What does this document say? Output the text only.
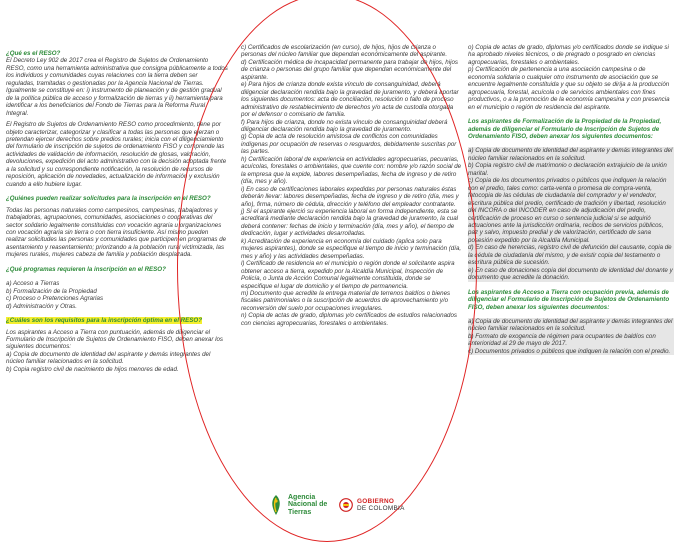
¿Qué es el RESO?

El Decreto Ley 902 de 2017 crea el Registro de Sujetos de Ordenamiento RESO, como una herramienta administrativa que consigna públicamente a todos los individuos y comunidades cuyas relaciones con la tierra deben ser reguladas, tramitadas o gestionadas por la Agencia Nacional de Tierras. Igualmente se constituye en: i) instrumento de planeación y de gestión gradual de la política pública de acceso y formalización de tierras y ii) herramienta para identificar a los beneficiarios del Fondo de Tierras para la Reforma Rural Integral.

El Registro de Sujetos de Ordenamiento RESO como procedimiento, tiene por objeto caracterizar, categorizar y clasificar a todas las personas que ejerzan o pretendan ejercer derechos sobre predios rurales; inicia con el diligenciamiento del formulario de inscripción de sujetos de ordenamiento FISO y comprende las actividades de validación de información, resolución de glosas, valoración, devoluciones, expedición del acto administrativo con la decisión adoptada frente a la solicitud y su correspondiente notificación, la resolución de recursos de reposición, aplicación de novedades, actualización de información y exclusión cuando a ello hubiere lugar.

¿Quiénes pueden realizar solicitudes para la inscripción en el RESO?

Todas las personas naturales como campesinos, campesinas, trabajadores y trabajadoras, agrupaciones, comunidades, asociaciones o cooperativas del sector solidario legalmente constituidas con vocación agraria u organizaciones con vocación agraria sin tierra o con tierra insuficiente. Así mismo pueden realizar solicitudes las personas y comunidades que participen en programas de asentamiento y reasentamiento; priorizando a la población rural victimizada, las mujeres rurales, mujeres cabeza de familia y población desplazada.

¿Qué programas requieren la inscripción en el RESO?

a) Acceso a Tierras

b) Formalización de la Propiedad

c) Proceso o Pretenciones Agrarias

d) Administración y Otras.

¿Cuáles son los requisitos para la inscripción óptima en el RESO?

Los aspirantes a Acceso a Tierra con puntuación, además de diligenciar el Formulario de Inscripción de Sujetos de Ordenamiento FISO, deben anexar los siguientes documentos:

a) Copia de documento de identidad del aspirante y demás integrantes del núcleo familiar relacionados en la solicitud.

b) Copia registro civil de nacimiento de hijos menores de edad.

c) Certificados de escolarización (en curso), de hijos, hijos de crianza o personas del núcleo familiar que dependan económicamente del aspirante.

d) Certificación médica de incapacidad permanente para trabajar de hijos, hijos de crianza o personas del grupo familiar que dependan económicamente del aspirante.

e) Para hijos de crianza donde exista vínculo de consanguinidad, deberá diligenciar declaración rendida bajo la gravedad de juramento, y deberá aportar los siguientes documentos: acta de conciliación, resolución o fallo de proceso administrativo de restablecimiento de derechos y/o acta de custodia otorgada por el defensor o comisario de familia.

f) Para hijos de crianza, donde no exista vínculo de consanguinidad deberá diligenciar declaración rendida bajo la gravedad de juramento.

g) Copia de acta de resolución amistosa de conflictos con comunidades indígenas por ocupación de reservas o resguardos, debidamente suscritas por las partes.

h) Certificación laboral de experiencia en actividades agropecuarias, pecuarias, acuícolas, forestales o ambientales, que cuente con: nombre y/o razón social de la empresa que la expide, labores desempeñadas, fecha de ingreso y de retiro (día, mes y año).

i) En caso de certificaciones laborales expedidas por personas naturales éstas deberán llevar: labores desempeñadas, fecha de ingreso y de retiro (día, mes y año), firma, número de cédula, dirección y teléfono del empleador contratante.

j) Si el aspirante ejerció su experiencia laboral en forma independiente, esta se acreditará mediante declaración rendida bajo la gravedad de juramento, la cual deberá contener: fechas de inicio y terminación (día, mes y año), el tiempo de dedicación, lugar y actividades desarrolladas.

k) Acreditación de experiencia en economía del cuidado (aplica solo para mujeres aspirantes), donde se especifique el tiempo de inicio y terminación (día, mes y año) y las actividades desempeñadas.

l) Certificado de residencia en el municipio o región donde el solicitante aspira obtener acceso a tierra, expedido por la Alcaldía Municipal, Inspección de Policía, o Junta de Acción Comunal legalmente constituida, donde se especifique el lugar de domicilio y el tiempo de permanencia.

m) Documento que acredite la entrega material de terrenos baldíos o bienes fiscales patrimoniales o la suscripción de acuerdos de aprovechamiento y/o reconversión del suelo por ocupaciones irregulares.

n) Copia de actas de grado, diplomas y/o certificados de estudios relacionados con ciencias agropecuarias, forestales o ambientales.

o) Copia de actas de grado, diplomas y/o certificados donde se indique si ha aprobado niveles técnicos, o de pregrado o posgrado en ciencias agropecuarias, forestales o ambientales.

p) Certificación de pertenencia a una asociación campesina o de economía solidaria o cualquier otro instrumento de asociación que se encuentre legalmente constituida y que su objeto se dirija a la producción agropecuaria, forestal, acuícola o de servicios ambientales con fines productivos, o a la promoción de la economía campesina y con presencia en el municipio o región de residencia del aspirante.

Los aspirantes de Formalización de la Propiedad de la Propiedad, además de diligenciar el Formulario de Inscripción de Sujetos de Ordenamiento FISO, deben anexar los siguientes documentos:

a) Copia de documento de identidad del aspirante y demás integrantes del núcleo familiar relacionados en la solicitud.

b) Copia registro civil de matrimonio o declaración extrajuicio de la unión marital.

c) Copia de los documentos privados o públicos que indiquen la relación con el predio, tales como: carta-venta o promesa de compra-venta, fotocopia de las cédulas de ciudadanía del comprador y el vendedor, escritura pública del predio, certificado de tradición y libertad, resolución del INCORA o del INCODER en caso de adjudicación del predio, certificación de proceso en curso o sentencia judicial si se adquirió actuaciones ante la jurisdicción ordinaria, recibos de servicios públicos, paz y salvo, impuesto predial y de valorización, certificado de sana posesión expedido por la Alcaldía Municipal.

d) En caso de herencias, registro civil de defunción del causante, copia de la cédula de ciudadanía del mismo, y de existir copia del testamento o escritura pública de sucesión.

e) En caso de donaciones copia del documento de identidad del donante y documento que acredite la donación.

Los aspirantes de Acceso a Tierra con ocupación previa, además de diligenciar el Formulario de Inscripción de Sujetos de Ordenamiento FISO, deben anexar los siguientes documentos:

a) Copia de documento de identidad del aspirante y demás integrantes del núcleo familiar relacionados en la solicitud.

b) Formato de exogencia de régimen para ocupantes de baldíos con anterioridad al 29 de mayo de 2017.

c) Documentos privados o públicos que indiquen la relación con el predio.

Agencia
Nacional de
Tierras
GOBIERNO
DE COLOMBIA
